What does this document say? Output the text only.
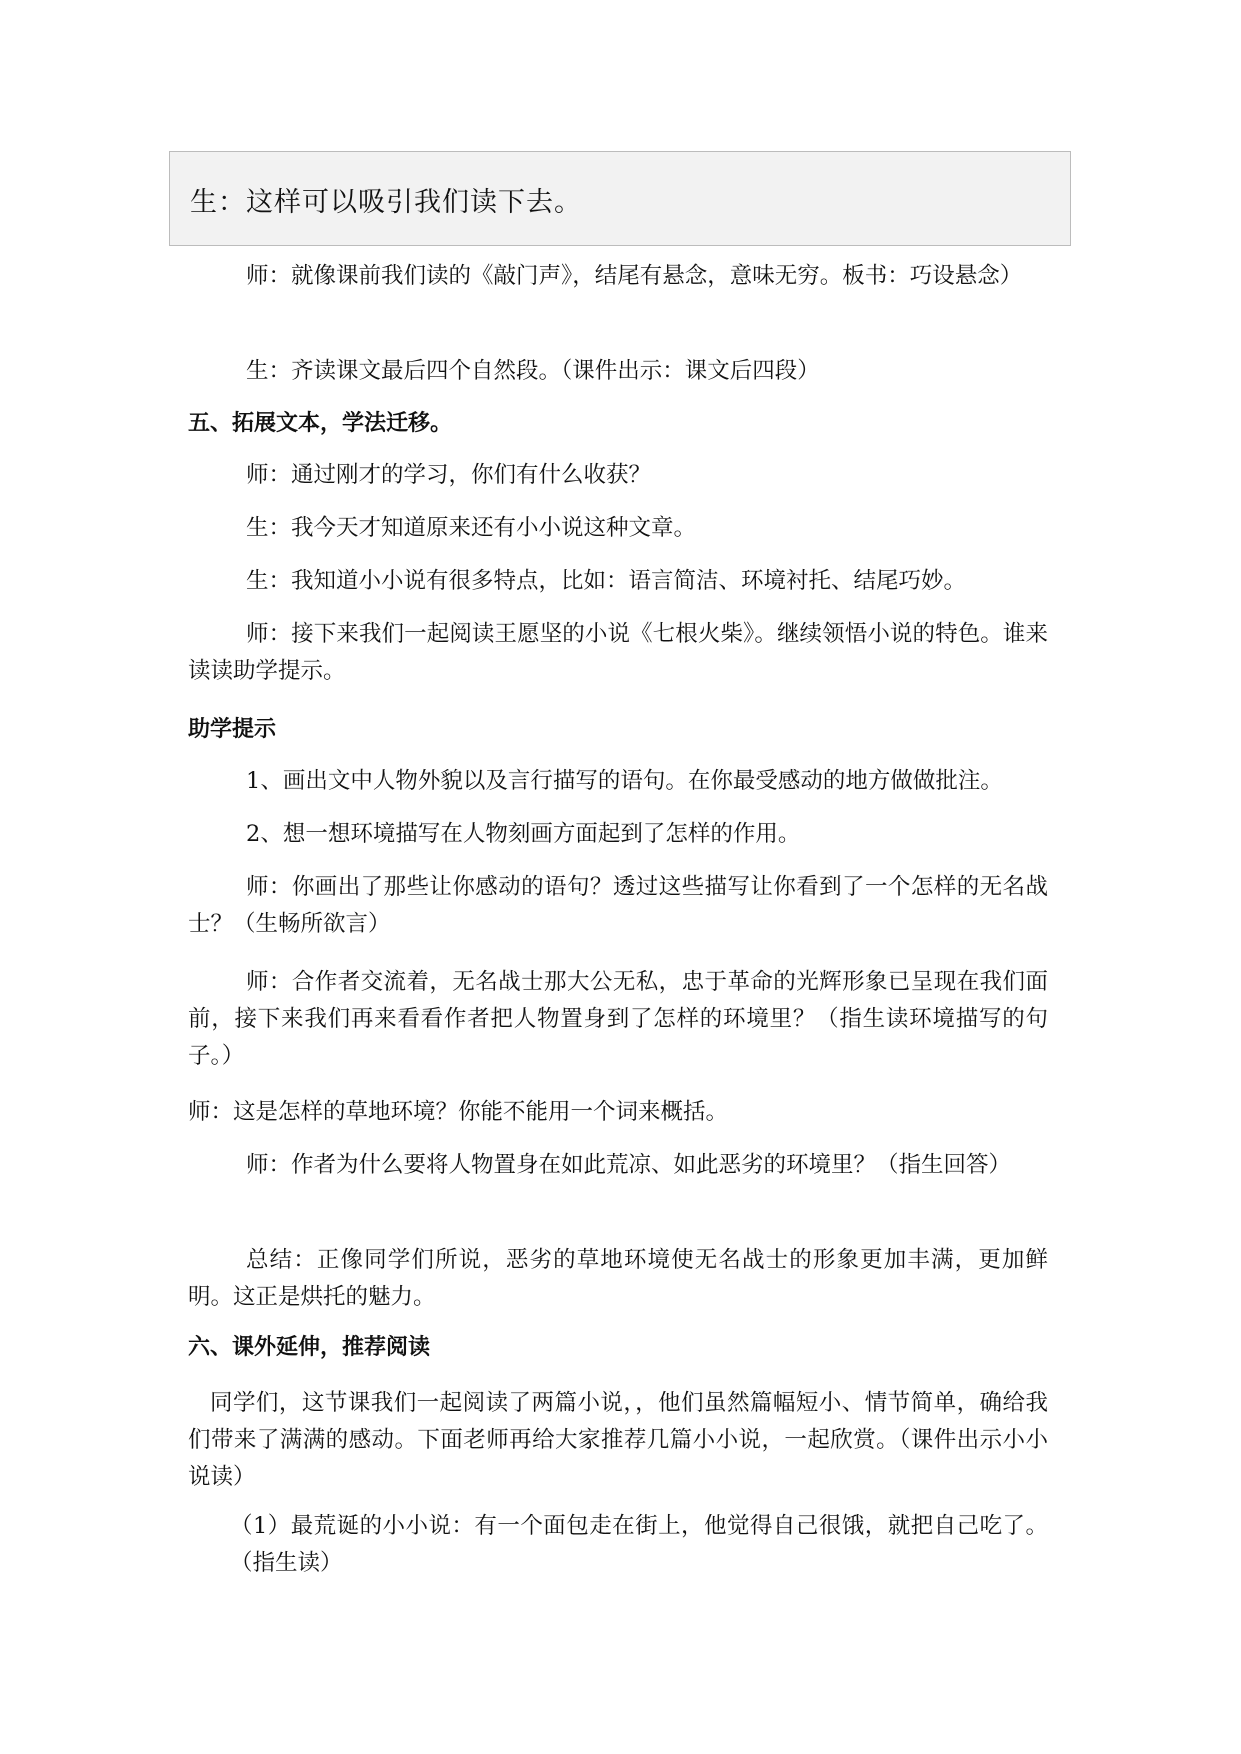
生：这样可以吸引我们读下去。

师：就像课前我们读的《敲门声》，结尾有悬念，意味无穷。板书：巧设悬念）

生：齐读课文最后四个自然段。（课件出示：课文后四段）

五、拓展文本，学法迁移。

师：通过刚才的学习，你们有什么收获？

生：我今天才知道原来还有小小说这种文章。

生：我知道小小说有很多特点，比如：语言简洁、环境衬托、结尾巧妙。

师：接下来我们一起阅读王愿坚的小说《七根火柴》。继续领悟小说的特色。谁来读读助学提示。

助学提示

1、画出文中人物外貌以及言行描写的语句。在你最受感动的地方做做批注。

2、想一想环境描写在人物刻画方面起到了怎样的作用。

师：你画出了那些让你感动的语句？透过这些描写让你看到了一个怎样的无名战士？（生畅所欲言）

师：合作者交流着，无名战士那大公无私，忠于革命的光辉形象已呈现在我们面前，接下来我们再来看看作者把人物置身到了怎样的环境里？（指生读环境描写的句子。）

师：这是怎样的草地环境？你能不能用一个词来概括。

师：作者为什么要将人物置身在如此荒凉、如此恶劣的环境里？（指生回答）

总结：正像同学们所说，恶劣的草地环境使无名战士的形象更加丰满，更加鲜明。这正是烘托的魅力。

六、课外延伸，推荐阅读

同学们，这节课我们一起阅读了两篇小说，，他们虽然篇幅短小、情节简单，确给我们带来了满满的感动。下面老师再给大家推荐几篇小小说，一起欣赏。（课件出示小小说读）

（1）最荒诞的小小说：有一个面包走在街上，他觉得自己很饿，就把自己吃了。（指生读）
